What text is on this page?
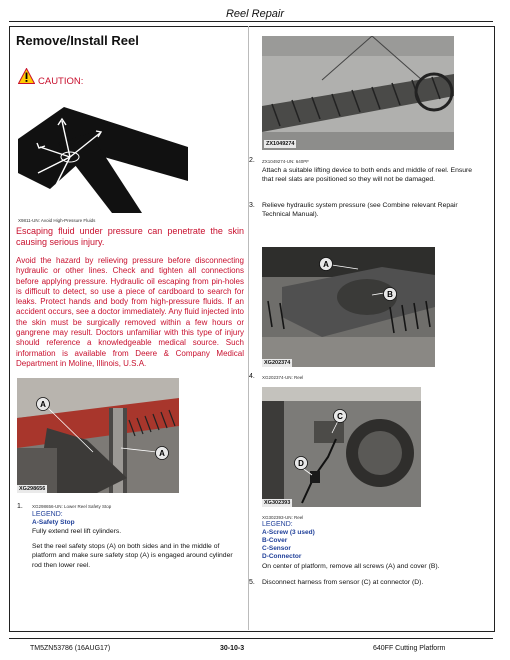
Reel Repair
Remove/Install Reel
CAUTION:
X9811-UN: Avoid High-Pressure Fluids
Escaping fluid under pressure can penetrate the skin causing serious injury.
Avoid the hazard by relieving pressure before disconnecting hydraulic or other lines. Check and tighten all connections before applying pressure. Hydraulic oil escaping from pin-holes is difficult to detect, so use a piece of cardboard to search for leaks. Protect hands and body from high-pressure fluids. If an accident occurs, see a doctor immediately. Any fluid injected into the skin must be surgically removed within a few hours or gangrene may result. Doctors unfamiliar with this type of injury should reference a knowledgeable medical source. Such information is available from Deere & Company Medical Department in Moline, Illinois, U.S.A.
A
A
XG298656
1. XG298656-UN: Lower Reel Safety Stop
LEGEND:
A-Safety Stop
Fully extend reel lift cylinders.
Set the reel safety stops (A) on both sides and in the middle of platform and make sure safety stop (A) is engaged around cylinder rod then lower reel.
ZX1049274
2. ZX1049274-UN: 640PF
Attach a suitable lifting device to both ends and middle of reel. Ensure that reel slats are positioned so they will not be damaged.
3. Relieve hydraulic system pressure (see Combine relevant Repair Technical Manual).
A
B
XG202374
4. XG202374-UN: Reel
C
D
XG302393
XG302393-UN: Reel
LEGEND:
A-Screw (3 used)
B-Cover
C-Sensor
D-Connector
On center of platform, remove all screws (A) and cover (B).
5. Disconnect harness from sensor (C) at connector (D).
TM5ZN53786 (16AUG17)	30-10-3	640FF Cutting Platform
